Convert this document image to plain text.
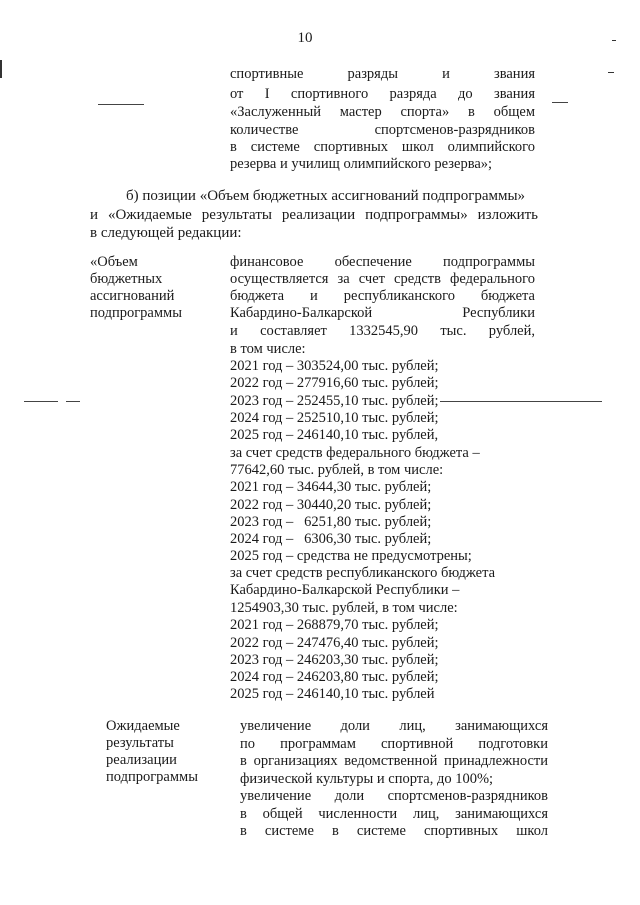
10
спортивные разряды и звания
от I спортивного разряда до звания
«Заслуженный мастер спорта» в общем
количестве спортсменов-разрядников
в системе спортивных школ олимпийского
резерва и училищ олимпийского резерва»;
б) позиции «Объем бюджетных ассигнований подпрограммы»
и «Ожидаемые результаты реализации подпрограммы» изложить
в следующей редакции:
«Объем
бюджетных
ассигнований
подпрограммы
финансовое обеспечение подпрограммы
осуществляется за счет средств федерального
бюджета и республиканского бюджета
Кабардино-Балкарской Республики
и составляет 1332545,90 тыс. рублей,
в том числе:
2021 год – 303524,00 тыс. рублей;
2022 год – 277916,60 тыс. рублей;
2023 год – 252455,10 тыс. рублей;
2024 год – 252510,10 тыс. рублей;
2025 год – 246140,10 тыс. рублей,
за счет средств федерального бюджета –
77642,60 тыс. рублей, в том числе:
2021 год – 34644,30 тыс. рублей;
2022 год – 30440,20 тыс. рублей;
2023 год –   6251,80 тыс. рублей;
2024 год –   6306,30 тыс. рублей;
2025 год – средства не предусмотрены;
за счет средств республиканского бюджета
Кабардино-Балкарской Республики –
1254903,30 тыс. рублей, в том числе:
2021 год – 268879,70 тыс. рублей;
2022 год – 247476,40 тыс. рублей;
2023 год – 246203,30 тыс. рублей;
2024 год – 246203,80 тыс. рублей;
2025 год – 246140,10 тыс. рублей
Ожидаемые
результаты
реализации
подпрограммы
увеличение доли лиц, занимающихся
по программам спортивной подготовки
в организациях ведомственной принадлежности
физической культуры и спорта, до 100%;
увеличение доли спортсменов-разрядников
в общей численности лиц, занимающихся
в системе в системе спортивных школ
